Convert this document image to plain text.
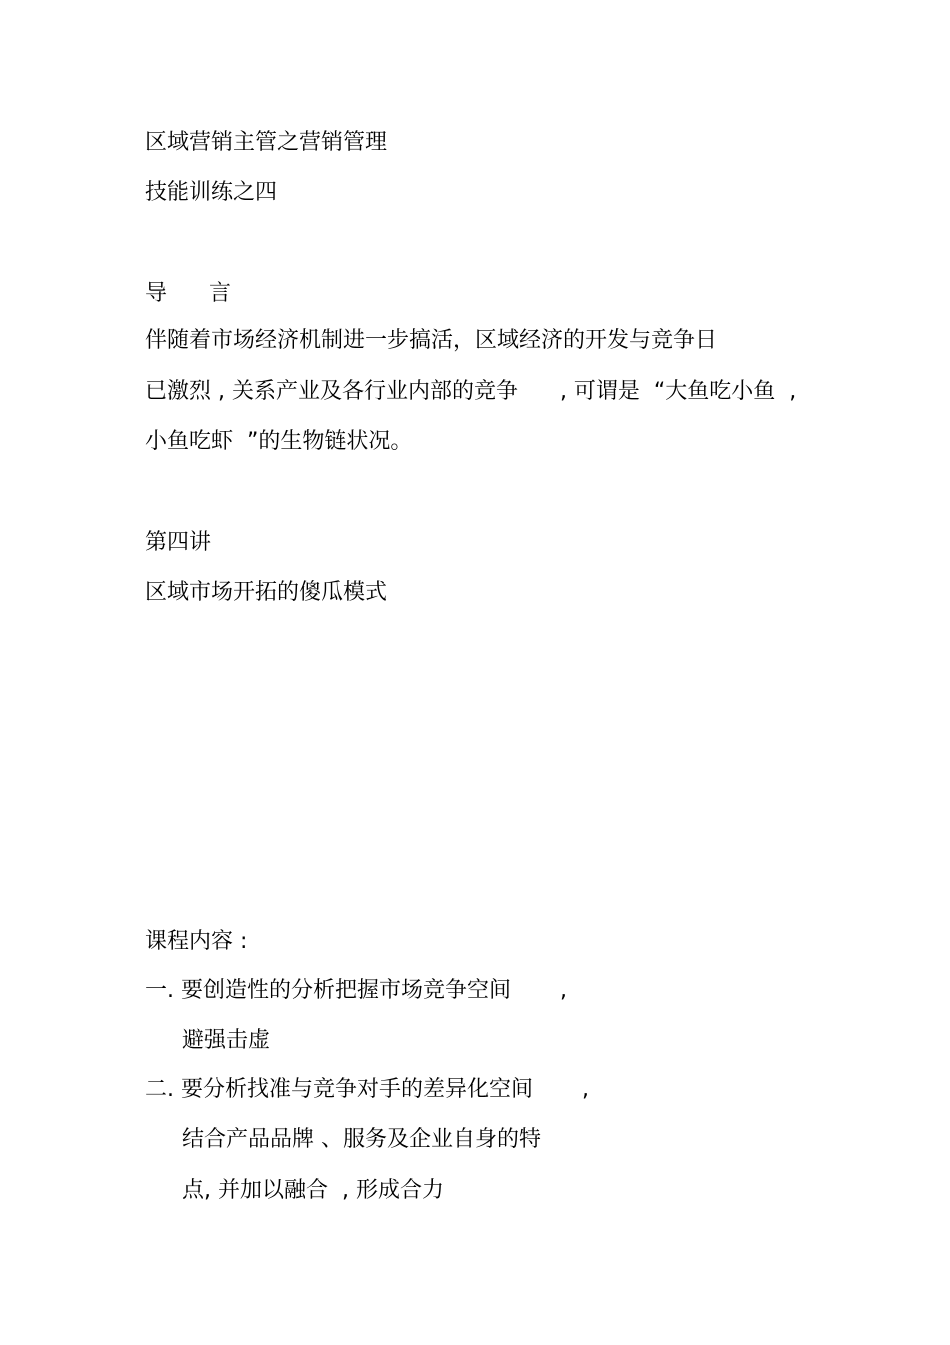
区域营销主管之营销管理
技能训练之四
导      言
伴随着市场经济机制进一步搞活，区域经济的开发与竞争日
已激烈 , 关系产业及各行业内部的竞争      , 可谓是  “大鱼吃小鱼  ,
小鱼吃虾  ”的生物链状况。
第四讲
区域市场开拓的傻瓜模式
课程内容 :
一. 要创造性的分析把握市场竞争空间       ,
避强击虚
二. 要分析找准与竞争对手的差异化空间       ,
结合产品品牌 、服务及企业自身的特
点, 并加以融合  , 形成合力
